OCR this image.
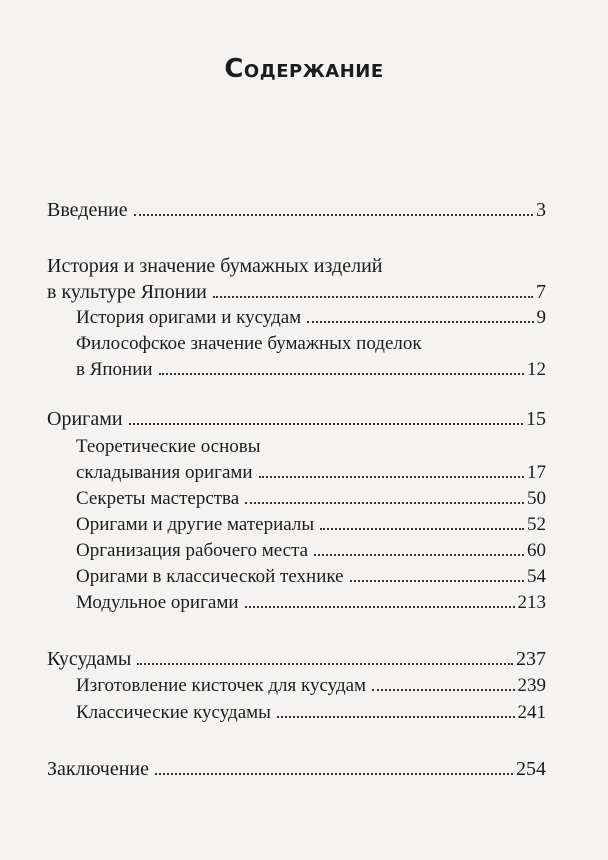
Содержание
Введение	3
История и значение бумажных изделий
в культуре Японии	7
История оригами и кусудам	9
Философское значение бумажных поделок
в Японии	12
Оригами	15
Теоретические основы
складывания оригами	17
Секреты мастерства	50
Оригами и другие материалы	52
Организация рабочего места	60
Оригами в классической технике	54
Модульное оригами	213
Кусудамы	237
Изготовление кисточек для кусудам	239
Классические кусудамы	241
Заключение	254
